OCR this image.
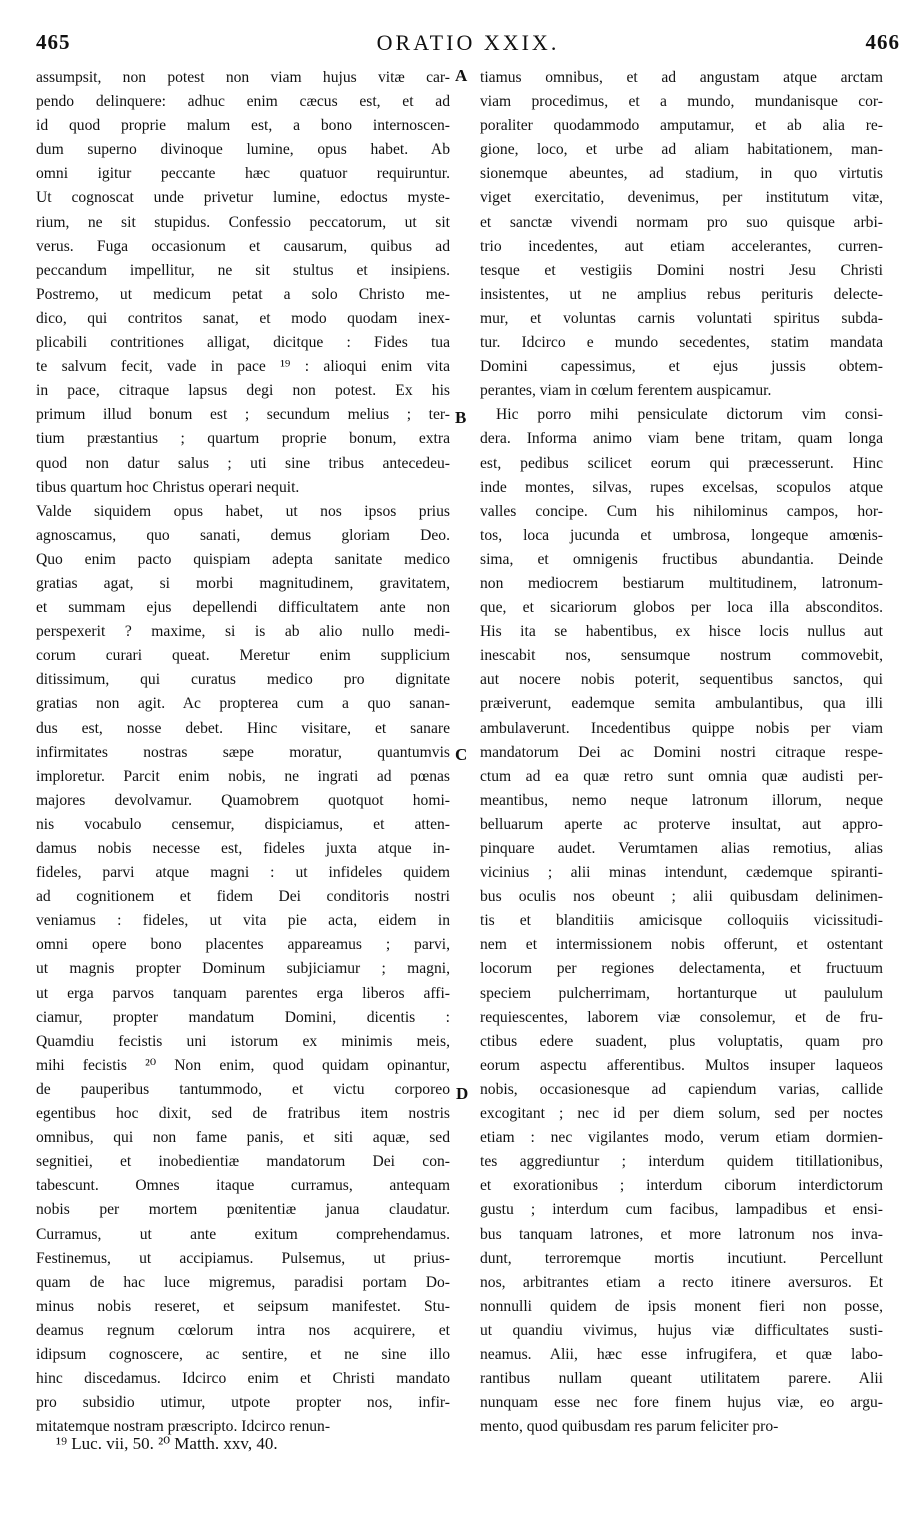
465	ORATIO XXIX.	466
assumpsit, non potest non viam hujus vitæ car-
pendo delinquere: adhuc enim cæcus est, et ad
id quod proprie malum est, a bono internoscen-
dum superno divinoque lumine, opus habet. Ab
omni igitur peccante hæc quatuor requiruntur.
Ut cognoscat unde privetur lumine, edoctus myste-
rium, ne sit stupidus. Confessio peccatorum, ut sit
verus. Fuga occasionum et causarum, quibus ad
peccandum impellitur, ne sit stultus et insipiens.
Postremo, ut medicum petat a solo Christo me-
dico, qui contritos sanat, et modo quodam inex-
plicabili contritiones alligat, dicitque : Fides tua
te salvum fecit, vade in pace ¹⁹ : alioqui enim vita
in pace, citraque lapsus degi non potest. Ex his
primum illud bonum est ; secundum melius ; ter-
tium præstantius ; quartum proprie bonum, extra
quod non datur salus ; uti sine tribus antecedeu-
tibus quartum hoc Christus operari nequit.
Valde siquidem opus habet, ut nos ipsos prius
agnoscamus, quo sanati, demus gloriam Deo.
Quo enim pacto quispiam adepta sanitate medico
gratias agat, si morbi magnitudinem, gravitatem,
et summam ejus depellendi difficultatem ante non
perspexerit ? maxime, si is ab alio nullo medi-
corum curari queat. Meretur enim supplicium
ditissimum, qui curatus medico pro dignitate
gratias non agit. Ac propterea cum a quo sanan-
dus est, nosse debet. Hinc visitare, et sanare
infirmitates nostras sæpe moratur, quantumvis
imploretur. Parcit enim nobis, ne ingrati ad pœnas
majores devolvamur. Quamobrem quotquot homi-
nis vocabulo censemur, dispiciamus, et atten-
damus nobis necesse est, fideles juxta atque in-
fideles, parvi atque magni : ut infideles quidem
ad cognitionem et fidem Dei conditoris nostri
veniamus : fideles, ut vita pie acta, eidem in
omni opere bono placentes appareamus ; parvi,
ut magnis propter Dominum subjiciamur ; magni,
ut erga parvos tanquam parentes erga liberos affi-
ciamur, propter mandatum Domini, dicentis :
Quamdiu fecistis uni istorum ex minimis meis,
mihi fecistis ²⁰ Non enim, quod quidam opinantur,
de pauperibus tantummodo, et victu corporeo
egentibus hoc dixit, sed de fratribus item nostris
omnibus, qui non fame panis, et siti aquæ, sed
segnitiei, et inobedientiæ mandatorum Dei con-
tabescunt. Omnes itaque curramus, antequam
nobis per mortem pœnitentiæ janua claudatur.
Curramus, ut ante exitum comprehendamus.
Festinemus, ut accipiamus. Pulsemus, ut prius-
quam de hac luce migremus, paradisi portam Do-
minus nobis reseret, et seipsum manifestet. Stu-
deamus regnum cœlorum intra nos acquirere, et
idipsum cognoscere, ac sentire, et ne sine illo
hinc discedamus. Idcirco enim et Christi mandato
pro subsidio utimur, utpote propter nos, infir-
mitatemque nostram præscripto. Idcirco renun-
A
B
C
D
tiamus omnibus, et ad angustam atque arctam
viam procedimus, et a mundo, mundanisque cor-
poraliter quodammodo amputamur, et ab alia re-
gione, loco, et urbe ad aliam habitationem, man-
sionemque abeuntes, ad stadium, in quo virtutis
viget exercitatio, devenimus, per institutum vitæ,
et sanctæ vivendi normam pro suo quisque arbi-
trio incedentes, aut etiam accelerantes, curren-
tesque et vestigiis Domini nostri Jesu Christi
insistentes, ut ne amplius rebus perituris delecte-
mur, et voluntas carnis voluntati spiritus subda-
tur. Idcirco e mundo secedentes, statim mandata
Domini capessimus, et ejus jussis obtem-
perantes, viam in cœlum ferentem auspicamur.
Hic porro mihi pensiculate dictorum vim consi-
dera. Informa animo viam bene tritam, quam longa
est, pedibus scilicet eorum qui præcesserunt. Hinc
inde montes, silvas, rupes excelsas, scopulos atque
valles concipe. Cum his nihilominus campos, hor-
tos, loca jucunda et umbrosa, longeque amœnis-
sima, et omnigenis fructibus abundantia. Deinde
non mediocrem bestiarum multitudinem, latronum-
que, et sicariorum globos per loca illa absconditos.
His ita se habentibus, ex hisce locis nullus aut
inescabit nos, sensumque nostrum commovebit,
aut nocere nobis poterit, sequentibus sanctos, qui
præiverunt, eademque semita ambulantibus, qua illi
ambulaverunt. Incedentibus quippe nobis per viam
mandatorum Dei ac Domini nostri citraque respe-
ctum ad ea quæ retro sunt omnia quæ audisti per-
meantibus, nemo neque latronum illorum, neque
belluarum aperte ac proterve insultat, aut appro-
pinquare audet. Verumtamen alias remotius, alias
vicinius ; alii minas intendunt, cædemque spiranti-
bus oculis nos obeunt ; alii quibusdam delinimen-
tis et blanditiis amicisque colloquiis vicissitudi-
nem et intermissionem nobis offerunt, et ostentant
locorum per regiones delectamenta, et fructuum
speciem pulcherrimam, hortanturque ut paululum
requiescentes, laborem viæ consolemur, et de fru-
ctibus edere suadent, plus voluptatis, quam pro
eorum aspectu afferentibus. Multos insuper laqueos
nobis, occasionesque ad capiendum varias, callide
excogitant ; nec id per diem solum, sed per noctes
etiam : nec vigilantes modo, verum etiam dormien-
tes aggrediuntur ; interdum quidem titillationibus,
et exorationibus ; interdum ciborum interdictorum
gustu ; interdum cum facibus, lampadibus et ensi-
bus tanquam latrones, et more latronum nos inva-
dunt, terroremque mortis incutiunt. Percellunt
nos, arbitrantes etiam a recto itinere aversuros. Et
nonnulli quidem de ipsis monent fieri non posse,
ut quandiu vivimus, hujus viæ difficultates susti-
neamus. Alii, hæc esse infrugifera, et quæ labo-
rantibus nullam queant utilitatem parere. Alii
nunquam esse nec fore finem hujus viæ, eo argu-
mento, quod quibusdam res parum feliciter pro-
¹⁹ Luc. vii, 50. ²⁰ Matth. xxv, 40.
